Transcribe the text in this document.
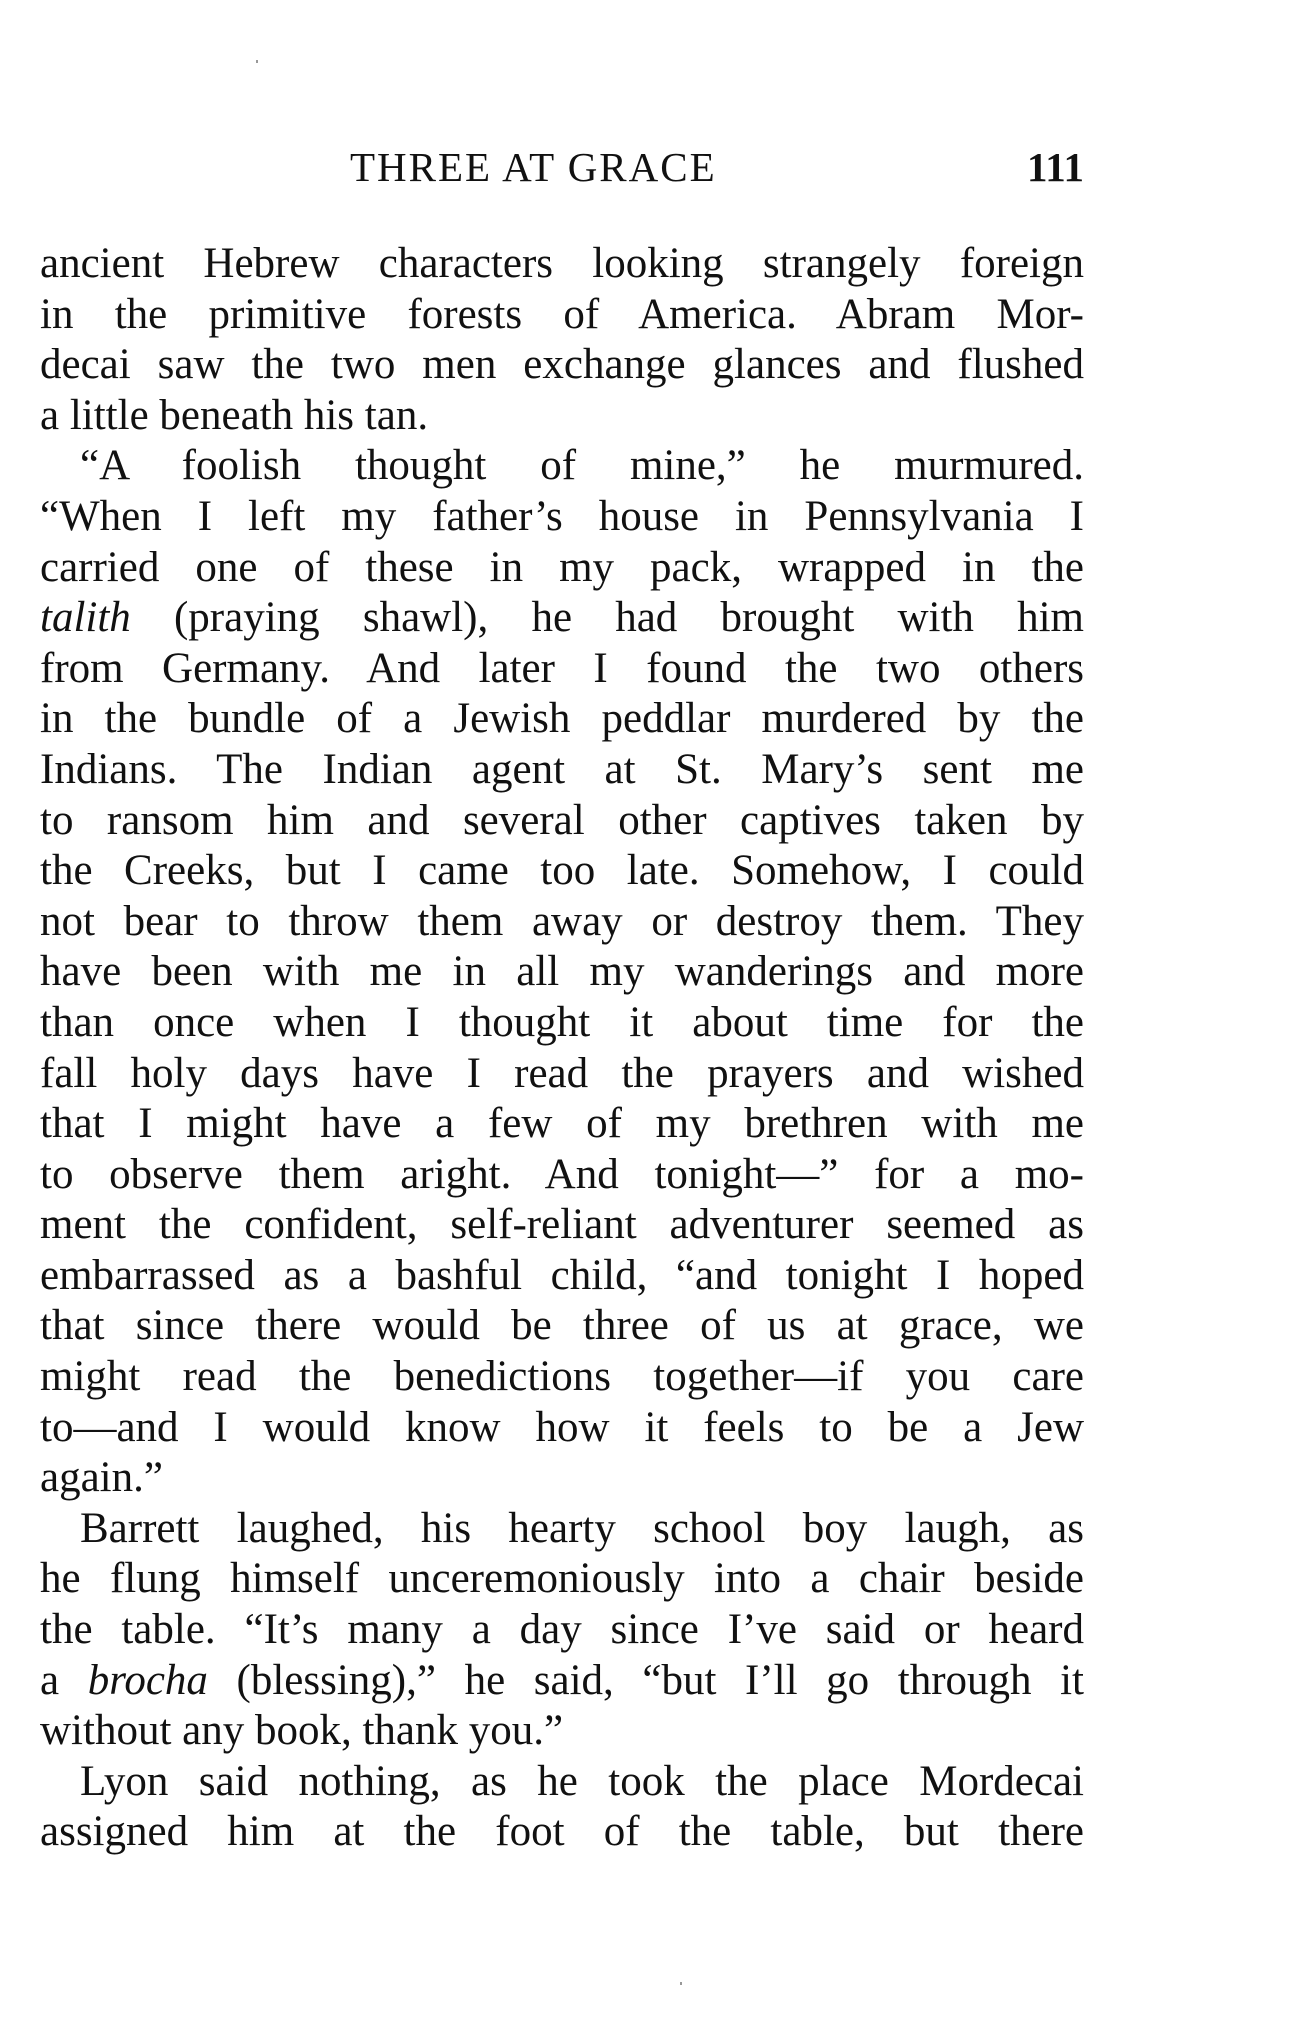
THREE AT GRACE	111
ancient Hebrew characters looking strangely foreign
in the primitive forests of America. Abram Mor-
decai saw the two men exchange glances and flushed
a little beneath his tan.
“A foolish thought of mine,” he murmured.
“When I left my father’s house in Pennsylvania I
carried one of these in my pack, wrapped in the
talith (praying shawl), he had brought with him
from Germany. And later I found the two others
in the bundle of a Jewish peddlar murdered by the
Indians. The Indian agent at St. Mary’s sent me
to ransom him and several other captives taken by
the Creeks, but I came too late. Somehow, I could
not bear to throw them away or destroy them. They
have been with me in all my wanderings and more
than once when I thought it about time for the
fall holy days have I read the prayers and wished
that I might have a few of my brethren with me
to observe them aright. And tonight—” for a mo-
ment the confident, self-reliant adventurer seemed as
embarrassed as a bashful child, “and tonight I hoped
that since there would be three of us at grace, we
might read the benedictions together—if you care
to—and I would know how it feels to be a Jew
again.”
Barrett laughed, his hearty school boy laugh, as
he flung himself unceremoniously into a chair beside
the table. “It’s many a day since I’ve said or heard
a brocha (blessing),” he said, “but I’ll go through it
without any book, thank you.”
Lyon said nothing, as he took the place Mordecai
assigned him at the foot of the table, but there
